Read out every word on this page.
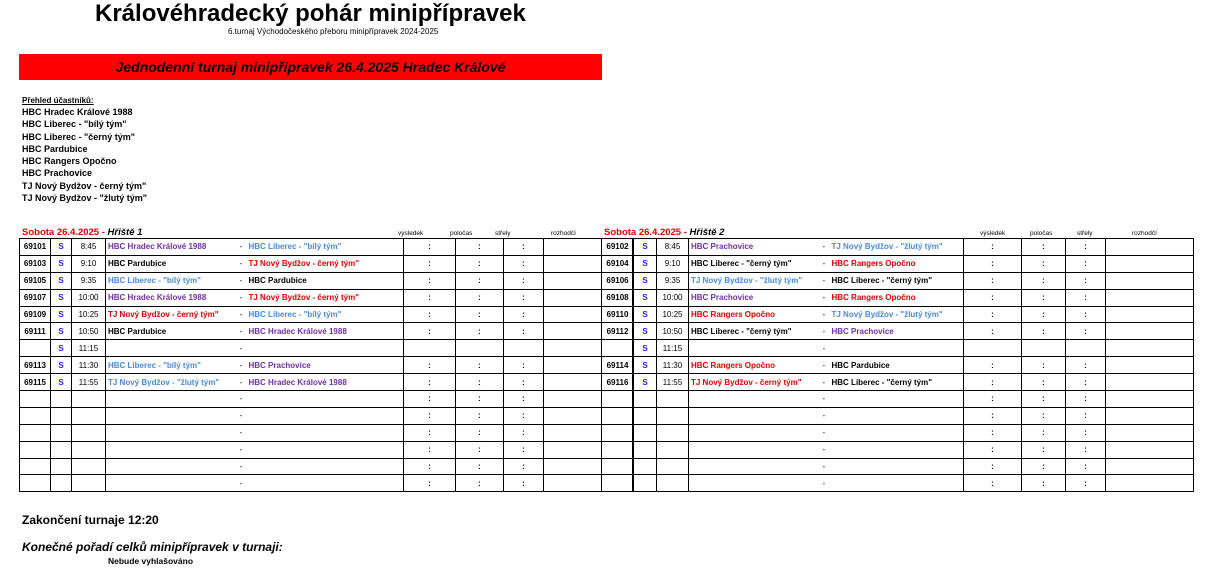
Královéhradecký pohár minipřípravek
6.turnaj Východočeského přeboru minipřípravek 2024-2025
Jednodenní turnaj minipřípravek 26.4.2025 Hradec Králové
Přehled účastníků:
HBC Hradec Králové 1988
HBC Liberec - "bílý tým"
HBC Liberec - "černý tým"
HBC Pardubice
HBC Rangers Opočno
HBC Prachovice
TJ Nový Bydžov - černý tým"
TJ Nový Bydžov - "žlutý tým"
Sobota 26.4.2025 - Hřiště 1	výsledek	poločas	střely	rozhodčí	Sobota 26.4.2025 - Hřiště 2	výsledek	poločas	střely	rozhodčí
69101	S	8:45	HBC Hradec Králové 1988	- HBC Liberec - "bílý tým"	:	:	:	
69103	S	9:10	HBC Pardubice	- TJ Nový Bydžov - černý tým"	:	:	:	
69105	S	9:35	HBC Liberec - "bílý tým"	- HBC Pardubice	:	:	:	
69107	S	10:00	HBC Hradec Králové 1988	- TJ Nový Bydžov - černý tým"	:	:	:	
69109	S	10:25	TJ Nový Bydžov - černý tým"	- HBC Liberec - "bílý tým"	:	:	:	
69111	S	10:50	HBC Pardubice	- HBC Hradec Králové 1988	:	:	:	
	S	11:15		-				
69113	S	11:30	HBC Liberec - "bílý tým"	- HBC Prachovice	:	:	:	
69115	S	11:55	TJ Nový Bydžov - "žlutý tým"	- HBC Hradec Králové 1988	:	:	:	
				-	:	:	:	
				-	:	:	:	
				-	:	:	:	
				-	:	:	:	
				-	:	:	:	
				-	:	:	:	
69102	S	8:45	HBC Prachovice	- TJ Nový Bydžov - "žlutý tým"	:	:	:	
69104	S	9:10	HBC Liberec - "černý tým"	- HBC Rangers Opočno	:	:	:	
69106	S	9:35	TJ Nový Bydžov - "žlutý tým"	- HBC Liberec - "černý tým"	:	:	:	
69108	S	10:00	HBC Prachovice	- HBC Rangers Opočno	:	:	:	
69110	S	10:25	HBC Rangers Opočno	- TJ Nový Bydžov - "žlutý tým"	:	:	:	
69112	S	10:50	HBC Liberec - "černý tým"	- HBC Prachovice	:	:	:	
	S	11:15		-				
69114	S	11:30	HBC Rangers Opočno	- HBC Pardubice	:	:	:	
69116	S	11:55	TJ Nový Bydžov - černý tým"	- HBC Liberec - "černý tým"	:	:	:	
				-	:	:	:	
				-	:	:	:	
				-	:	:	:	
				-	:	:	:	
				-	:	:	:	
				-	:	:	:	
Zakončení turnaje 12:20
Konečné pořadí celků minipřípravek v turnaji:
Nebude vyhlašováno
